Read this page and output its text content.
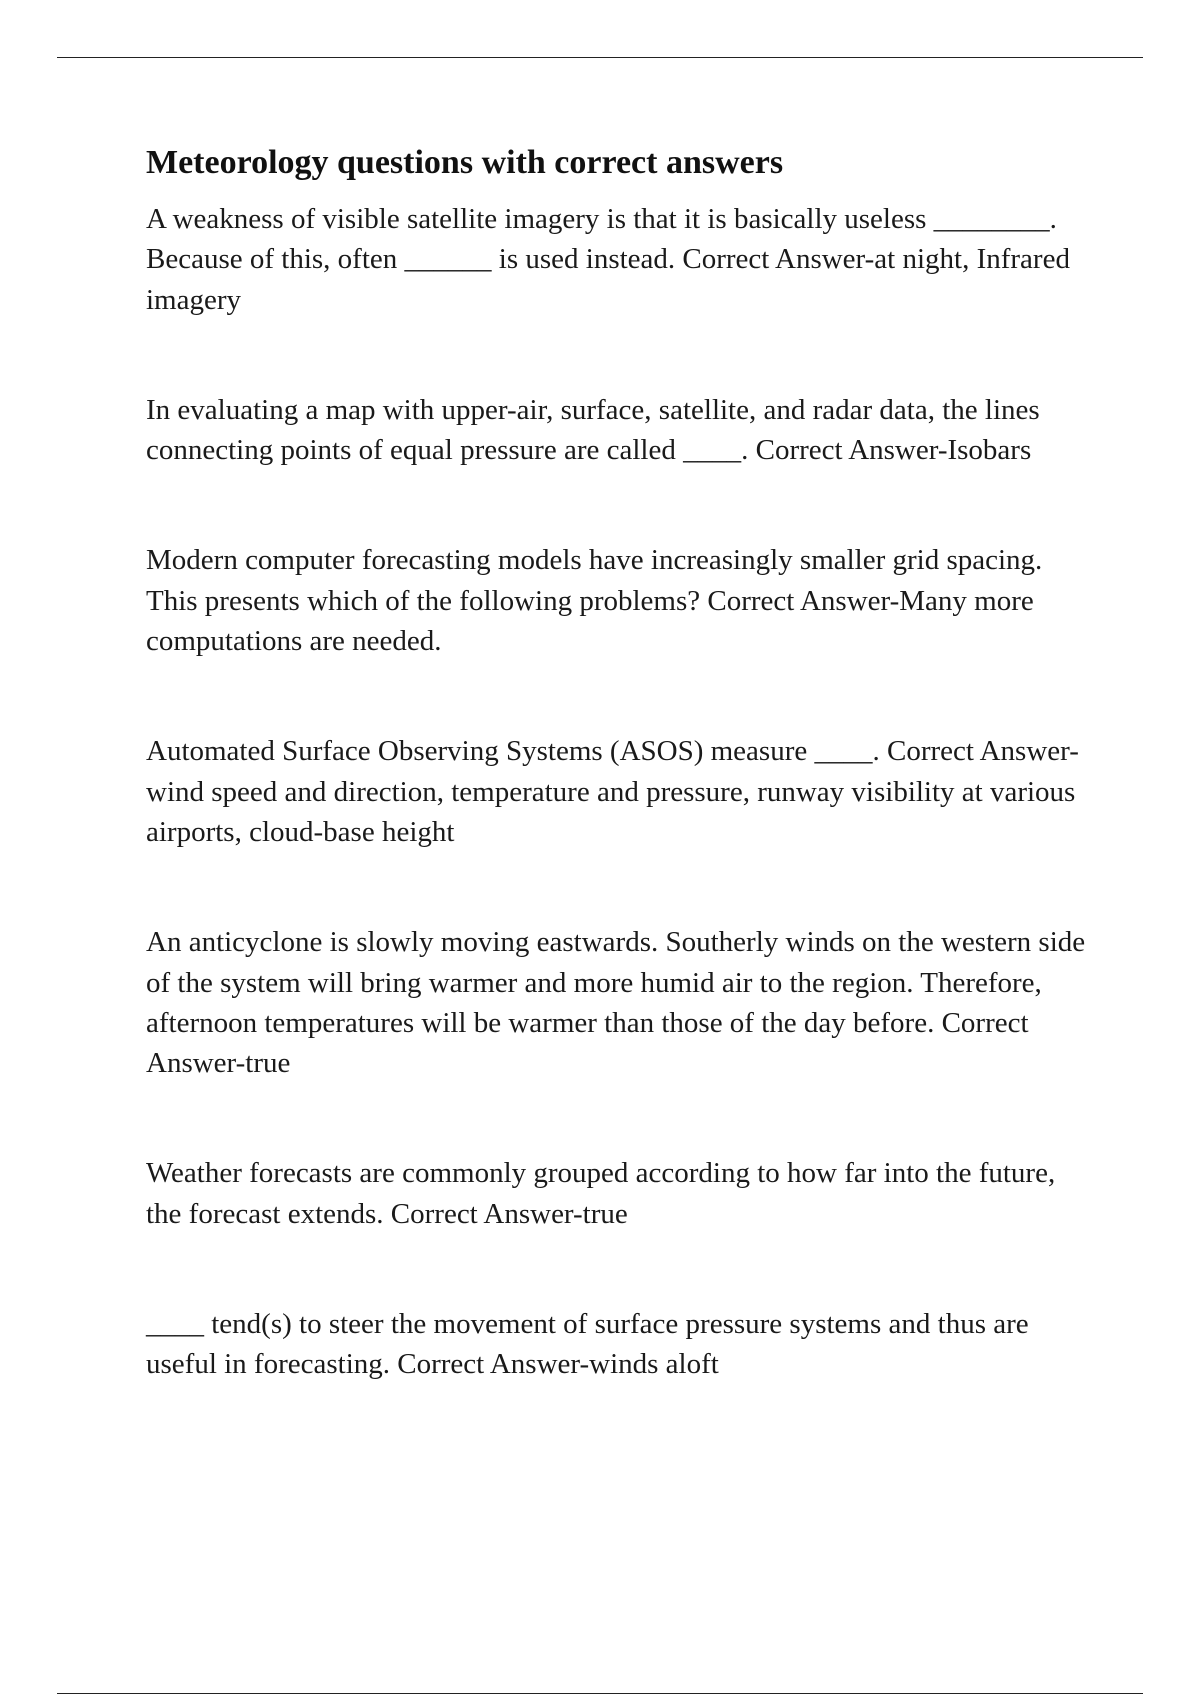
Meteorology questions with correct answers

A weakness of visible satellite imagery is that it is basically useless ________. Because of this, often ______ is used instead. Correct Answer-at night, Infrared imagery

In evaluating a map with upper-air, surface, satellite, and radar data, the lines connecting points of equal pressure are called ____. Correct Answer-Isobars

Modern computer forecasting models have increasingly smaller grid spacing. This presents which of the following problems? Correct Answer-Many more computations are needed.

Automated Surface Observing Systems (ASOS) measure ____. Correct Answer-wind speed and direction, temperature and pressure, runway visibility at various airports, cloud-base height

An anticyclone is slowly moving eastwards. Southerly winds on the western side of the system will bring warmer and more humid air to the region. Therefore, afternoon temperatures will be warmer than those of the day before. Correct Answer-true

Weather forecasts are commonly grouped according to how far into the future, the forecast extends. Correct Answer-true

____ tend(s) to steer the movement of surface pressure systems and thus are useful in forecasting. Correct Answer-winds aloft
